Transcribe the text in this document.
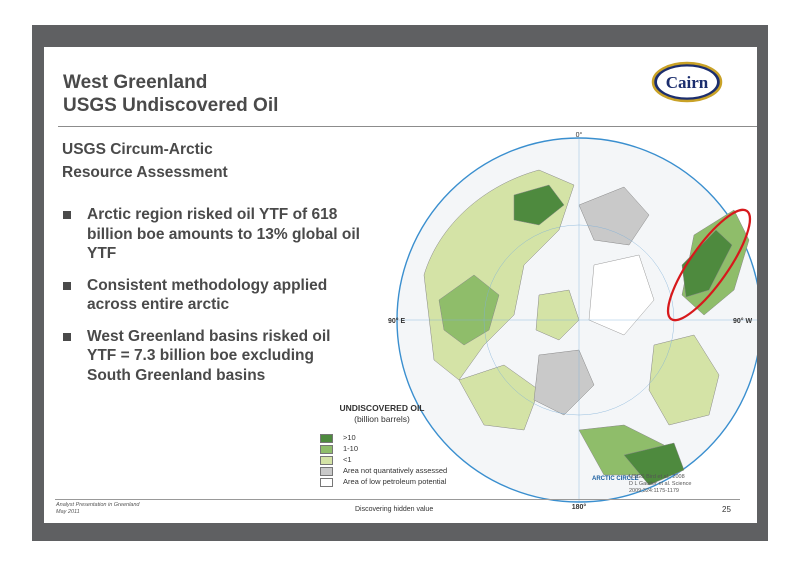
West Greenland
USGS Undiscovered Oil
Cairn
USGS Circum-Arctic
Resource Assessment
Arctic region risked oil YTF of 618 billion boe amounts to 13% global oil YTF
Consistent methodology applied across entire arctic
West Greenland basins risked oil YTF = 7.3 billion boe excluding South Greenland basins
0°
90° E	90° W
180°
ARCTIC CIRCLE
UNDISCOVERED OIL
(billion barrels)
>10
1-10
<1
Area not quantatively assessed
Area of low petroleum potential	USGS Bird et al., 2008
D L Gautier et al. Science
2009;324:1175-1179
Analyst Presentation in Greenland
May 2011	Discovering hidden value	25
